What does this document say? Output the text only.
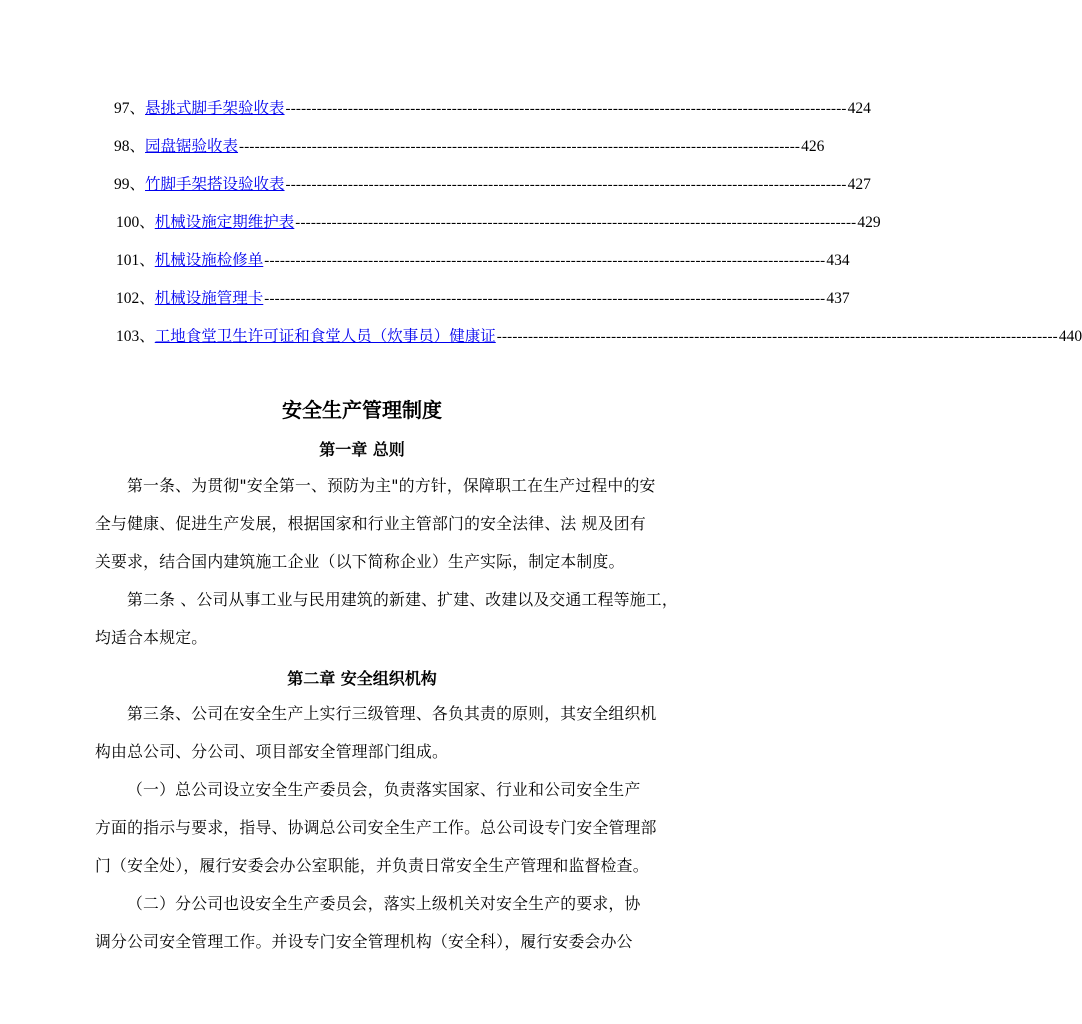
97、 悬挑式脚手架验收表 ------------------------------------------------------------------------------------------------------------ 424
98、 园盘锯验收表 ------------------------------------------------------------------------------------------------------------ 426
99、 竹脚手架搭设验收表 ------------------------------------------------------------------------------------------------------------ 427
100、 机械设施定期维护表 ------------------------------------------------------------------------------------------------------------ 429
101、 机械设施检修单 ------------------------------------------------------------------------------------------------------------ 434
102、 机械设施管理卡 ------------------------------------------------------------------------------------------------------------ 437
103、 工地食堂卫生许可证和食堂人员（炊事员）健康证 ------------------------------------------------------------------------------------------------------------ 440
安全生产管理制度
第一章 总则
第一条、为贯彻"安全第一、预防为主"的方针，保障职工在生产过程中的安
全与健康、促进生产发展，根据国家和行业主管部门的安全法律、法 规及团有
关要求，结合国内建筑施工企业（以下简称企业）生产实际，制定本制度。
第二条 、公司从事工业与民用建筑的新建、扩建、改建以及交通工程等施工，
均适合本规定。
第二章 安全组织机构
第三条、公司在安全生产上实行三级管理、各负其责的原则，其安全组织机
构由总公司、分公司、项目部安全管理部门组成。
（一）总公司设立安全生产委员会，负责落实国家、行业和公司安全生产
方面的指示与要求，指导、协调总公司安全生产工作。总公司设专门安全管理部
门（安全处），履行安委会办公室职能，并负责日常安全生产管理和监督检查。
（二）分公司也设安全生产委员会，落实上级机关对安全生产的要求，协
调分公司安全管理工作。并设专门安全管理机构（安全科），履行安委会办公
